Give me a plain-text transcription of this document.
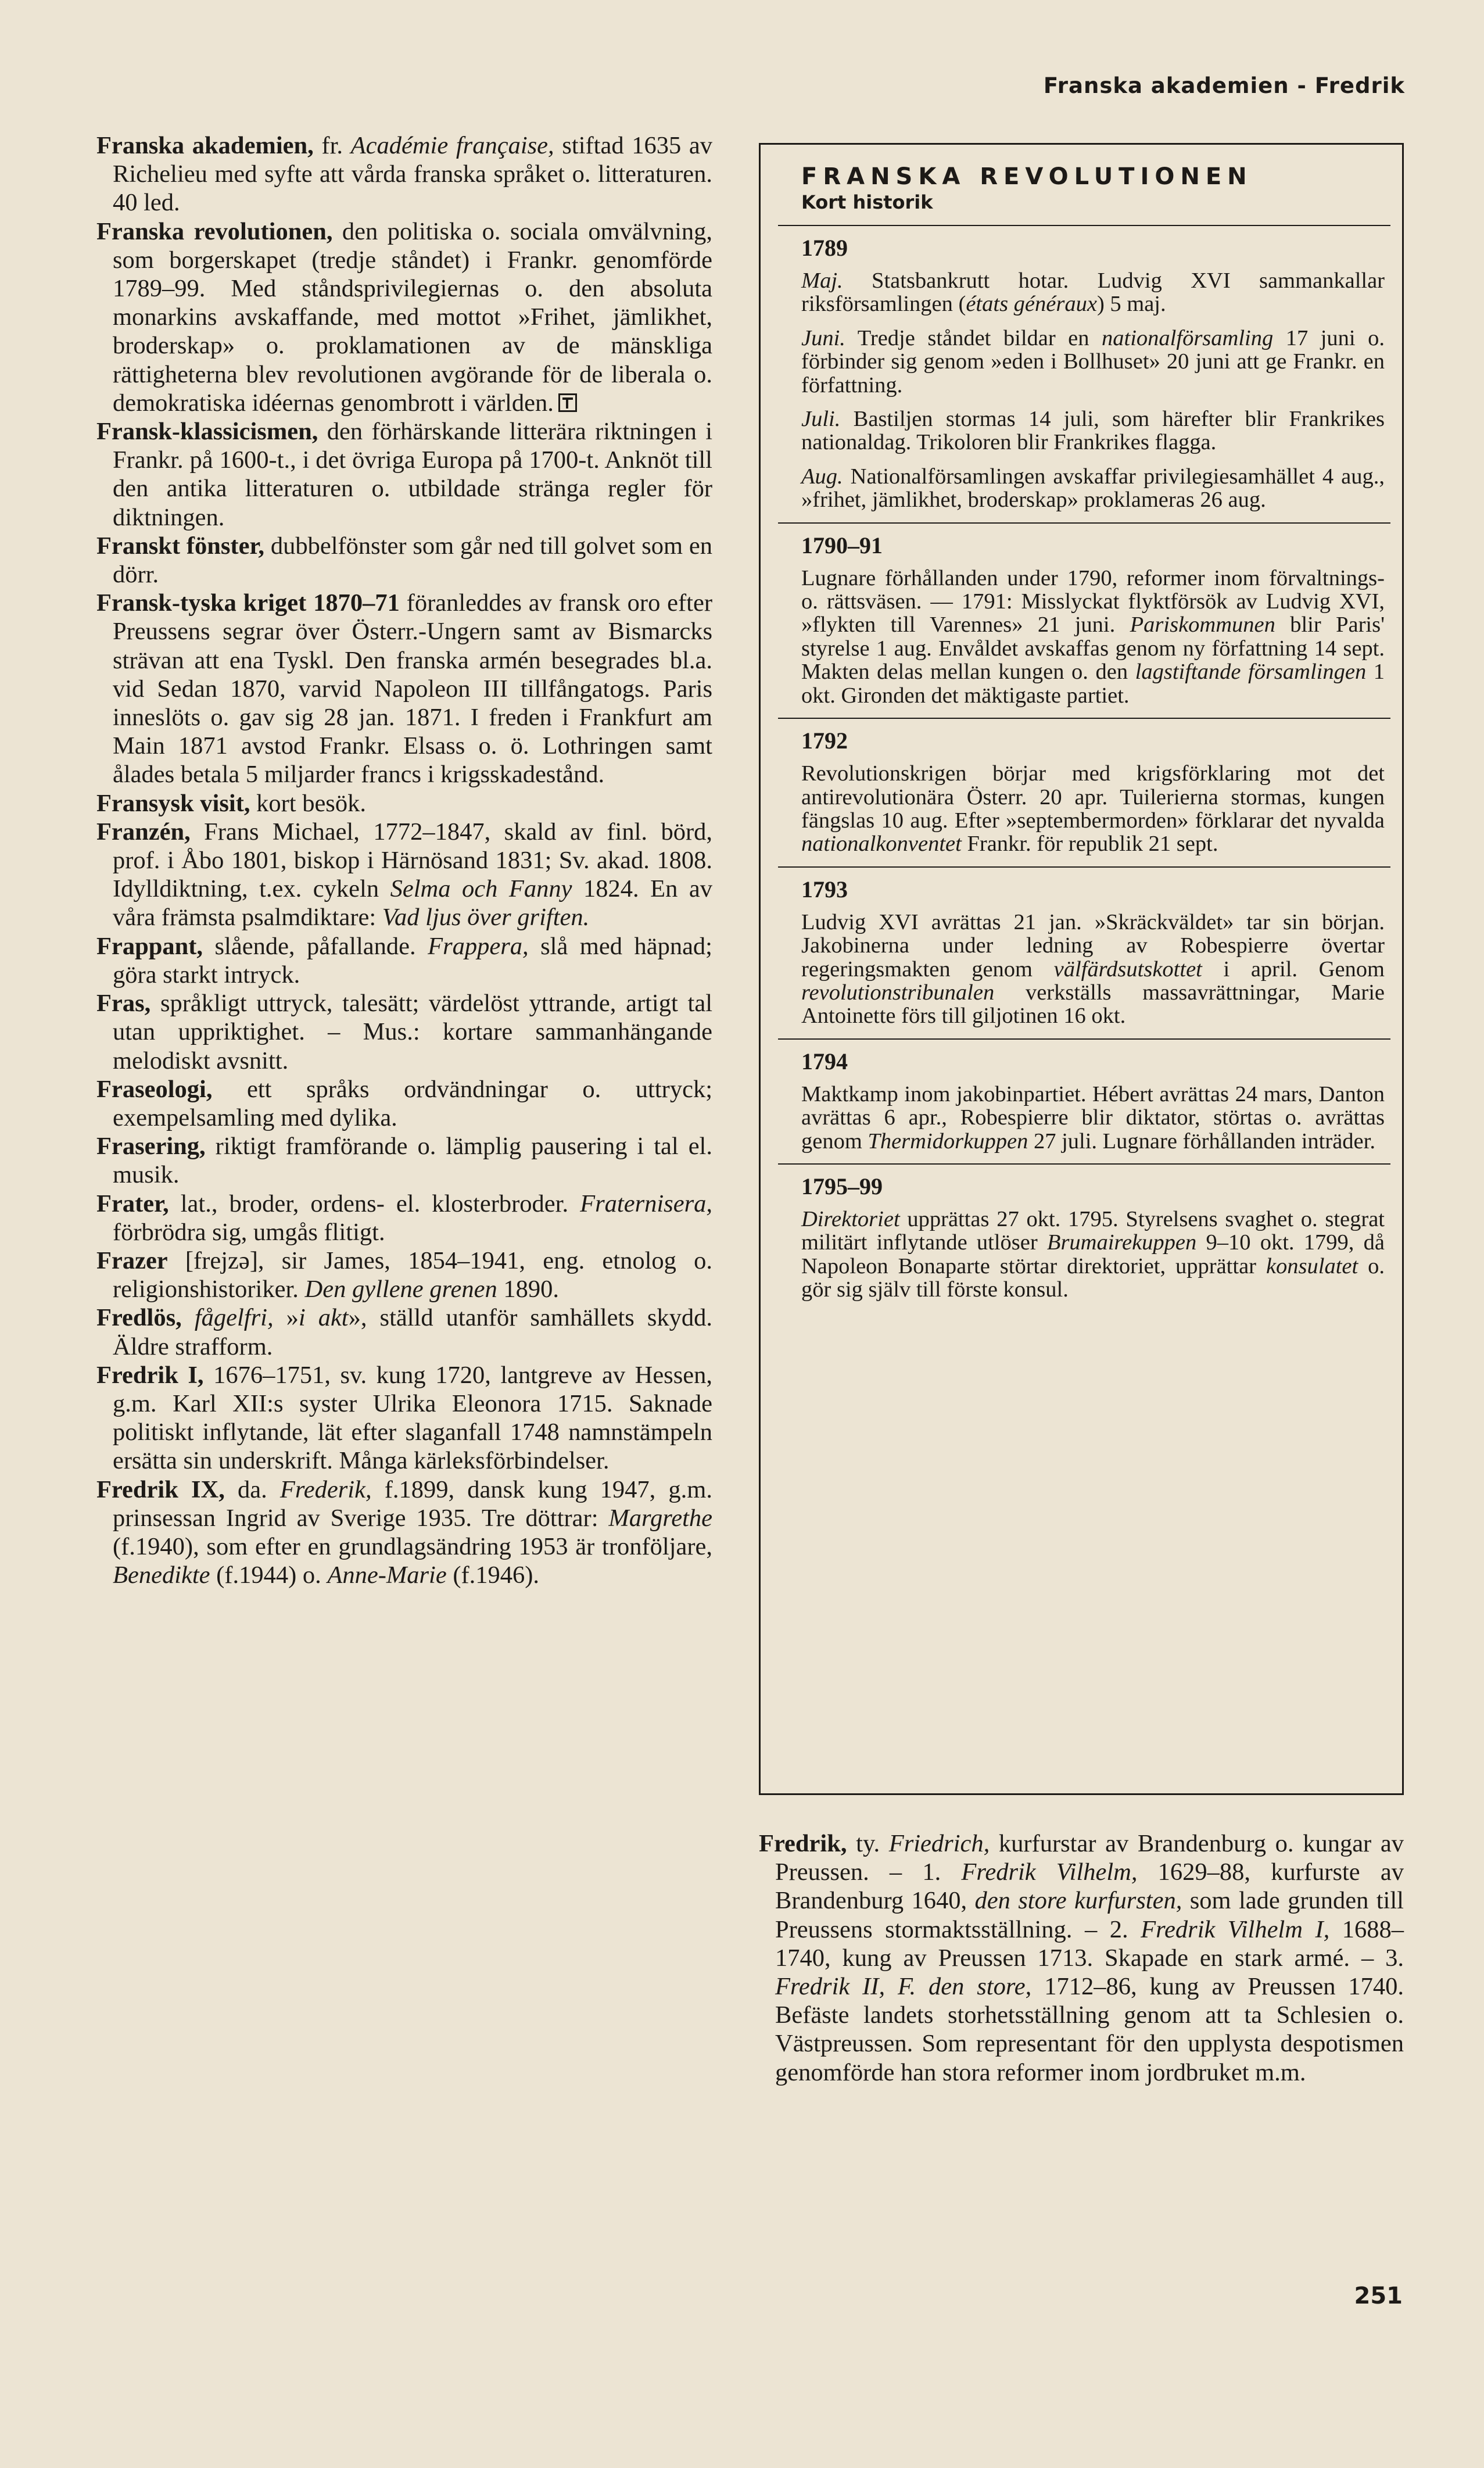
Franska akademien - Fredrik

Franska akademien, fr. Académie française, stiftad 1635 av Richelieu med syfte att vårda franska språket o. litteraturen. 40 led.

Franska revolutionen, den politiska o. sociala omvälvning, som borgerskapet (tredje ståndet) i Frankr. genomförde 1789–99. Med ståndsprivilegiernas o. den absoluta monarkins avskaffande, med mottot »Frihet, jämlikhet, broderskap» o. proklamationen av de mänskliga rättigheterna blev revolutionen avgörande för de liberala o. demokratiska idéernas genombrott i världen.

Fransk-klassicismen, den förhärskande litterära riktningen i Frankr. på 1600-t., i det övriga Europa på 1700-t. Anknöt till den antika litteraturen o. utbildade stränga regler för diktningen.

Franskt fönster, dubbelfönster som går ned till golvet som en dörr.

Fransk-tyska kriget 1870–71 föranleddes av fransk oro efter Preussens segrar över Österr.-Ungern samt av Bismarcks strävan att ena Tyskl. Den franska armén besegrades bl.a. vid Sedan 1870, varvid Napoleon III tillfångatogs. Paris inneslöts o. gav sig 28 jan. 1871. I freden i Frankfurt am Main 1871 avstod Frankr. Elsass o. ö. Lothringen samt ålades betala 5 miljarder francs i krigsskadestånd.

Fransysk visit, kort besök.

Franzén, Frans Michael, 1772–1847, skald av finl. börd, prof. i Åbo 1801, biskop i Härnösand 1831; Sv. akad. 1808. Idylldiktning, t.ex. cykeln Selma och Fanny 1824. En av våra främsta psalmdiktare: Vad ljus över griften.

Frappant, slående, påfallande. Frappera, slå med häpnad; göra starkt intryck.

Fras, språkligt uttryck, talesätt; värdelöst yttrande, artigt tal utan uppriktighet. – Mus.: kortare sammanhängande melodiskt avsnitt.

Fraseologi, ett språks ordvändningar o. uttryck; exempelsamling med dylika.

Frasering, riktigt framförande o. lämplig pausering i tal el. musik.

Frater, lat., broder, ordens- el. klosterbroder. Fraternisera, förbrödra sig, umgås flitigt.

Frazer [frejzə], sir James, 1854–1941, eng. etnolog o. religionshistoriker. Den gyllene grenen 1890.

Fredlös, fågelfri, »i akt», ställd utanför samhällets skydd. Äldre strafform.

Fredrik I, 1676–1751, sv. kung 1720, lantgreve av Hessen, g.m. Karl XII:s syster Ulrika Eleonora 1715. Saknade politiskt inflytande, lät efter slaganfall 1748 namnstämpeln ersätta sin underskrift. Många kärleksförbindelser.

Fredrik IX, da. Frederik, f.1899, dansk kung 1947, g.m. prinsessan Ingrid av Sverige 1935. Tre döttrar: Margrethe (f.1940), som efter en grundlagsändring 1953 är tronföljare, Benedikte (f.1944) o. Anne-Marie (f.1946).

FRANSKA REVOLUTIONEN
Kort historik
1789

Maj. Statsbankrutt hotar. Ludvig XVI sammankallar riksförsamlingen (états généraux) 5 maj.

Juni. Tredje ståndet bildar en nationalförsamling 17 juni o. förbinder sig genom »eden i Bollhuset» 20 juni att ge Frankr. en författning.

Juli. Bastiljen stormas 14 juli, som härefter blir Frankrikes nationaldag. Trikoloren blir Frankrikes flagga.

Aug. Nationalförsamlingen avskaffar privilegiesamhället 4 aug., »frihet, jämlikhet, broderskap» proklameras 26 aug.

1790–91

Lugnare förhållanden under 1790, reformer inom förvaltnings- o. rättsväsen. — 1791: Misslyckat flyktförsök av Ludvig XVI, »flykten till Varennes» 21 juni. Pariskommunen blir Paris' styrelse 1 aug. Envåldet avskaffas genom ny författning 14 sept. Makten delas mellan kungen o. den lagstiftande församlingen 1 okt. Gironden det mäktigaste partiet.

1792

Revolutionskrigen börjar med krigsförklaring mot det antirevolutionära Österr. 20 apr. Tuilerierna stormas, kungen fängslas 10 aug. Efter »septembermorden» förklarar det nyvalda nationalkonventet Frankr. för republik 21 sept.

1793

Ludvig XVI avrättas 21 jan. »Skräckväldet» tar sin början. Jakobinerna under ledning av Robespierre övertar regeringsmakten genom välfärdsutskottet i april. Genom revolutionstribunalen verkställs massavrättningar, Marie Antoinette förs till giljotinen 16 okt.

1794

Maktkamp inom jakobinpartiet. Hébert avrättas 24 mars, Danton avrättas 6 apr., Robespierre blir diktator, störtas o. avrättas genom Thermidorkuppen 27 juli. Lugnare förhållanden inträder.

1795–99

Direktoriet upprättas 27 okt. 1795. Styrelsens svaghet o. stegrat militärt inflytande utlöser Brumairekuppen 9–10 okt. 1799, då Napoleon Bonaparte störtar direktoriet, upprättar konsulatet o. gör sig själv till förste konsul.

Fredrik, ty. Friedrich, kurfurstar av Brandenburg o. kungar av Preussen. – 1. Fredrik Vilhelm, 1629–88, kurfurste av Brandenburg 1640, den store kurfursten, som lade grunden till Preussens stormaktsställning. – 2. Fredrik Vilhelm I, 1688–1740, kung av Preussen 1713. Skapade en stark armé. – 3. Fredrik II, F. den store, 1712–86, kung av Preussen 1740. Befäste landets storhetsställning genom att ta Schlesien o. Västpreussen. Som representant för den upplysta despotismen genomförde han stora reformer inom jordbruket m.m.

251
